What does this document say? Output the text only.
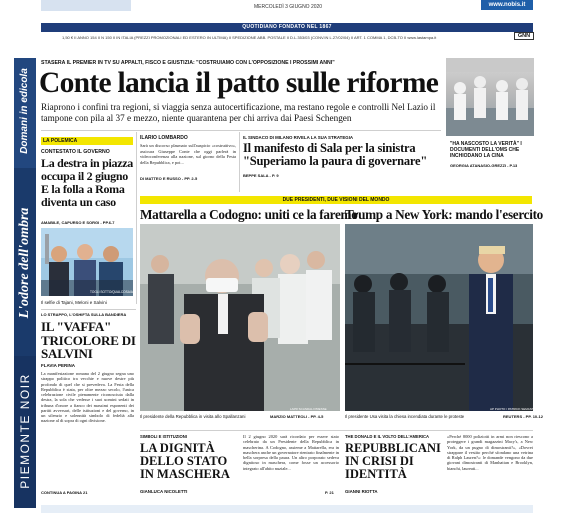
MERCOLEDÌ 3 GIUGNO 2020	www.nobis.it
QUOTIDIANO FONDATO NEL 1867
1,50 € II ANNO 154 II N 150 II IN ITALIA (PREZZI PROMOZIONALI ED ESTERO IN ULTIMA) II SPEDIZIONE ABB. POSTALE II D.L.353/03 (CONV.IN L.27/02/04) II ART. 1 COMMA 1, DCB-TO II www.lastampa.it	GNN
Domani in edicola
L'odore dell'ombra
PIEMONTE NOIR
STASERA IL PREMIER IN TV SU APPALTI, FISCO E GIUSTIZIA: "COSTRUIAMO CON L'OPPOSIZIONE I PROSSIMI ANNI"
Conte lancia il patto sulle riforme
Riaprono i confini tra regioni, si viaggia senza autocertificazione, ma restano regole e controlli Nel Lazio il tampone con pila al 37 e mezzo, niente quarantena per chi arriva dai Paesi Schengen
"HA NASCOSTO LA VERITÀ" I DOCUMENTI DELL'OMS CHE INCHIODANO LA CINA
GEORGIA ATANASIO-GREZZI - P.13
LA POLEMICA
CONTESTATO IL GOVERNO
La destra in piazza occupa il 2 giugno E la folla a Roma diventa un caso
AMABILE, CAPURSO E SORGI - PP.6-7
TOGLI SOTTO/QUALCOSA/AP
Il selfie di Tajani, Meloni e Salvini
ILARIO LOMBARDO
Sarà un discorso plasmato sull'auspicio «costruttivo», assicura Giuseppe Conte che oggi parlerà in videoconferenza alla nazione, sul giorno della Festa della Repubblica, e poi...
DI MATTEO E RUSSO - PP. 2-5
IL SINDACO DI MILANO RIVELA LA SUA STRATEGIA
Il manifesto di Sala per la sinistra "Superiamo la paura di governare"
BEPPE SALA - P. 9
DUE PRESIDENTI, DUE VISIONI DEL MONDO
Mattarella a Codogno: uniti ce la faremo
Trump a New York: mando l'esercito
LAPR SCANDALI PRESSE
Il presidente della Repubblica in visita allo Spallanzani	MARZIO MATTEOLI - PP. 4-5
AP PHOTO / PATRICK SEMANSKY
Il presidente Usa visita la chiesa incendiata durante le proteste	REUTERS - PP. 10-12
LO STRAPPO, L'OSHIFTA SULLA BANDIERA
IL "VAFFA" TRICOLORE DI SALVINI
FLAVIA PERINA
La manifestazione romana del 2 giugno segna uno strappo politico tra vecchie e nuove destre più profondo di quel che si prevedeva. La Festa della Repubblica è stata, per oltre mezzo secolo, l'unica celebrazione civile pienamente riconosciuta dalla destra, la sola che vedesse i suoi uomini sedati in tribuna d'onore a fianco dei massimi esponenti dei partiti avversari, delle istituzioni e del governo, in un silenzio e solennità simbolo di fedeltà alla nazione al di sopra di ogni divisione.
CONTINUA A PAGINA 21
SIMBOLI E ISTITUZIONI
LA DIGNITÀ DELLO STATO IN MASCHERA
GIANLUCA NICOLETTI
Il 2 giugno 2020 sarà ricordato per essere stato celebrato da un Presidente della Repubblica in mascherina. A Codogno, assieme a Mattarella, era in maschera anche un governatore rientrato finalmente in bella sorpresa della paura. Un altro porporato sedeva dignitoso in maschera, come fosse un accessorio integrato all'abito nuziale...
P. 21
THE DONALD E IL VOLTO DELL'AMERICA
REPUBBLICANI IN CRISI DI IDENTITÀ
GIANNI RIOTTA
«Perché 8000 poliziotti in armi non riescono a proteggere i grandi magazzini Macy's, a New York, da un pugno di dimostranti?», «Dovrei strappare il vestito perché sfondano una vetrina di Ralph Lauren?»: le domande vengono da due giovani dimostranti di Manhattan e Brooklyn, bianchi, laureati...
